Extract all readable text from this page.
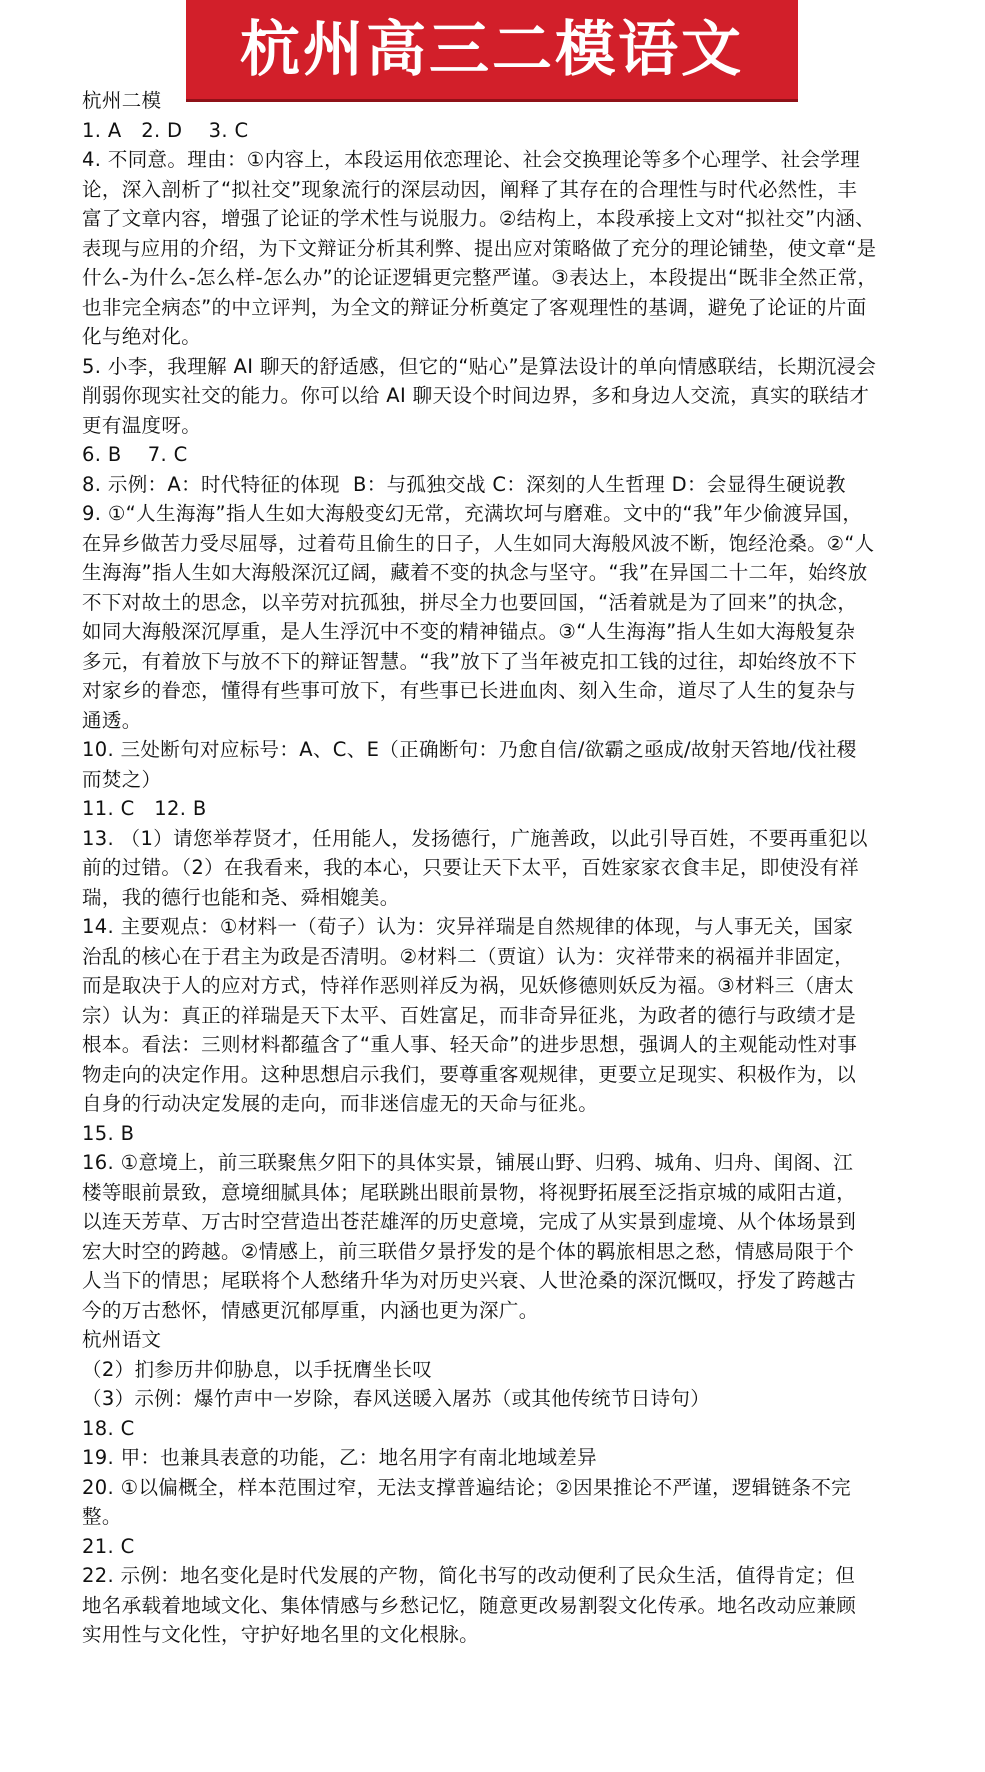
杭州高三二模语文
杭州二模
1. A   2. D    3. C
4. 不同意。理由：①内容上，本段运用依恋理论、社会交换理论等多个心理学、社会学理
论，深入剖析了“拟社交”现象流行的深层动因，阐释了其存在的合理性与时代必然性，丰
富了文章内容，增强了论证的学术性与说服力。②结构上，本段承接上文对“拟社交”内涵、
表现与应用的介绍，为下文辩证分析其利弊、提出应对策略做了充分的理论铺垫，使文章“是
什么-为什么-怎么样-怎么办”的论证逻辑更完整严谨。③表达上，本段提出“既非全然正常，
也非完全病态”的中立评判，为全文的辩证分析奠定了客观理性的基调，避免了论证的片面
化与绝对化。
5. 小李，我理解 AI 聊天的舒适感，但它的“贴心”是算法设计的单向情感联结，长期沉浸会
削弱你现实社交的能力。你可以给 AI 聊天设个时间边界，多和身边人交流，真实的联结才
更有温度呀。
6. B    7. C
8. 示例：A：时代特征的体现  B：与孤独交战 C：深刻的人生哲理 D：会显得生硬说教
9. ①“人生海海”指人生如大海般变幻无常，充满坎坷与磨难。文中的“我”年少偷渡异国，
在异乡做苦力受尽屈辱，过着苟且偷生的日子，人生如同大海般风波不断，饱经沧桑。②“人
生海海”指人生如大海般深沉辽阔，藏着不变的执念与坚守。“我”在异国二十二年，始终放
不下对故土的思念，以辛劳对抗孤独，拼尽全力也要回国，“活着就是为了回来”的执念，
如同大海般深沉厚重，是人生浮沉中不变的精神锚点。③“人生海海”指人生如大海般复杂
多元，有着放下与放不下的辩证智慧。“我”放下了当年被克扣工钱的过往，却始终放不下
对家乡的眷恋，懂得有些事可放下，有些事已长进血肉、刻入生命，道尽了人生的复杂与
通透。
10. 三处断句对应标号：A、C、E（正确断句：乃愈自信/欲霸之亟成/故射天笞地/伐社稷
而焚之）
11. C   12. B
13. （1）请您举荐贤才，任用能人，发扬德行，广施善政，以此引导百姓，不要再重犯以
前的过错。（2）在我看来，我的本心，只要让天下太平，百姓家家衣食丰足，即使没有祥
瑞，我的德行也能和尧、舜相媲美。
14. 主要观点：①材料一（荀子）认为：灾异祥瑞是自然规律的体现，与人事无关，国家
治乱的核心在于君主为政是否清明。②材料二（贾谊）认为：灾祥带来的祸福并非固定，
而是取决于人的应对方式，恃祥作恶则祥反为祸，见妖修德则妖反为福。③材料三（唐太
宗）认为：真正的祥瑞是天下太平、百姓富足，而非奇异征兆，为政者的德行与政绩才是
根本。看法：三则材料都蕴含了“重人事、轻天命”的进步思想，强调人的主观能动性对事
物走向的决定作用。这种思想启示我们，要尊重客观规律，更要立足现实、积极作为，以
自身的行动决定发展的走向，而非迷信虚无的天命与征兆。
15. B
16. ①意境上，前三联聚焦夕阳下的具体实景，铺展山野、归鸦、城角、归舟、闺阁、江
楼等眼前景致，意境细腻具体；尾联跳出眼前景物，将视野拓展至泛指京城的咸阳古道，
以连天芳草、万古时空营造出苍茫雄浑的历史意境，完成了从实景到虚境、从个体场景到
宏大时空的跨越。②情感上，前三联借夕景抒发的是个体的羁旅相思之愁，情感局限于个
人当下的情思；尾联将个人愁绪升华为对历史兴衰、人世沧桑的深沉慨叹，抒发了跨越古
今的万古愁怀，情感更沉郁厚重，内涵也更为深广。
杭州语文
（2）扪参历井仰胁息，以手抚膺坐长叹
（3）示例：爆竹声中一岁除，春风送暖入屠苏（或其他传统节日诗句）
18. C
19. 甲：也兼具表意的功能，乙：地名用字有南北地域差异
20. ①以偏概全，样本范围过窄，无法支撑普遍结论；②因果推论不严谨，逻辑链条不完
整。
21. C
22. 示例：地名变化是时代发展的产物，简化书写的改动便利了民众生活，值得肯定；但
地名承载着地域文化、集体情感与乡愁记忆，随意更改易割裂文化传承。地名改动应兼顾
实用性与文化性，守护好地名里的文化根脉。
